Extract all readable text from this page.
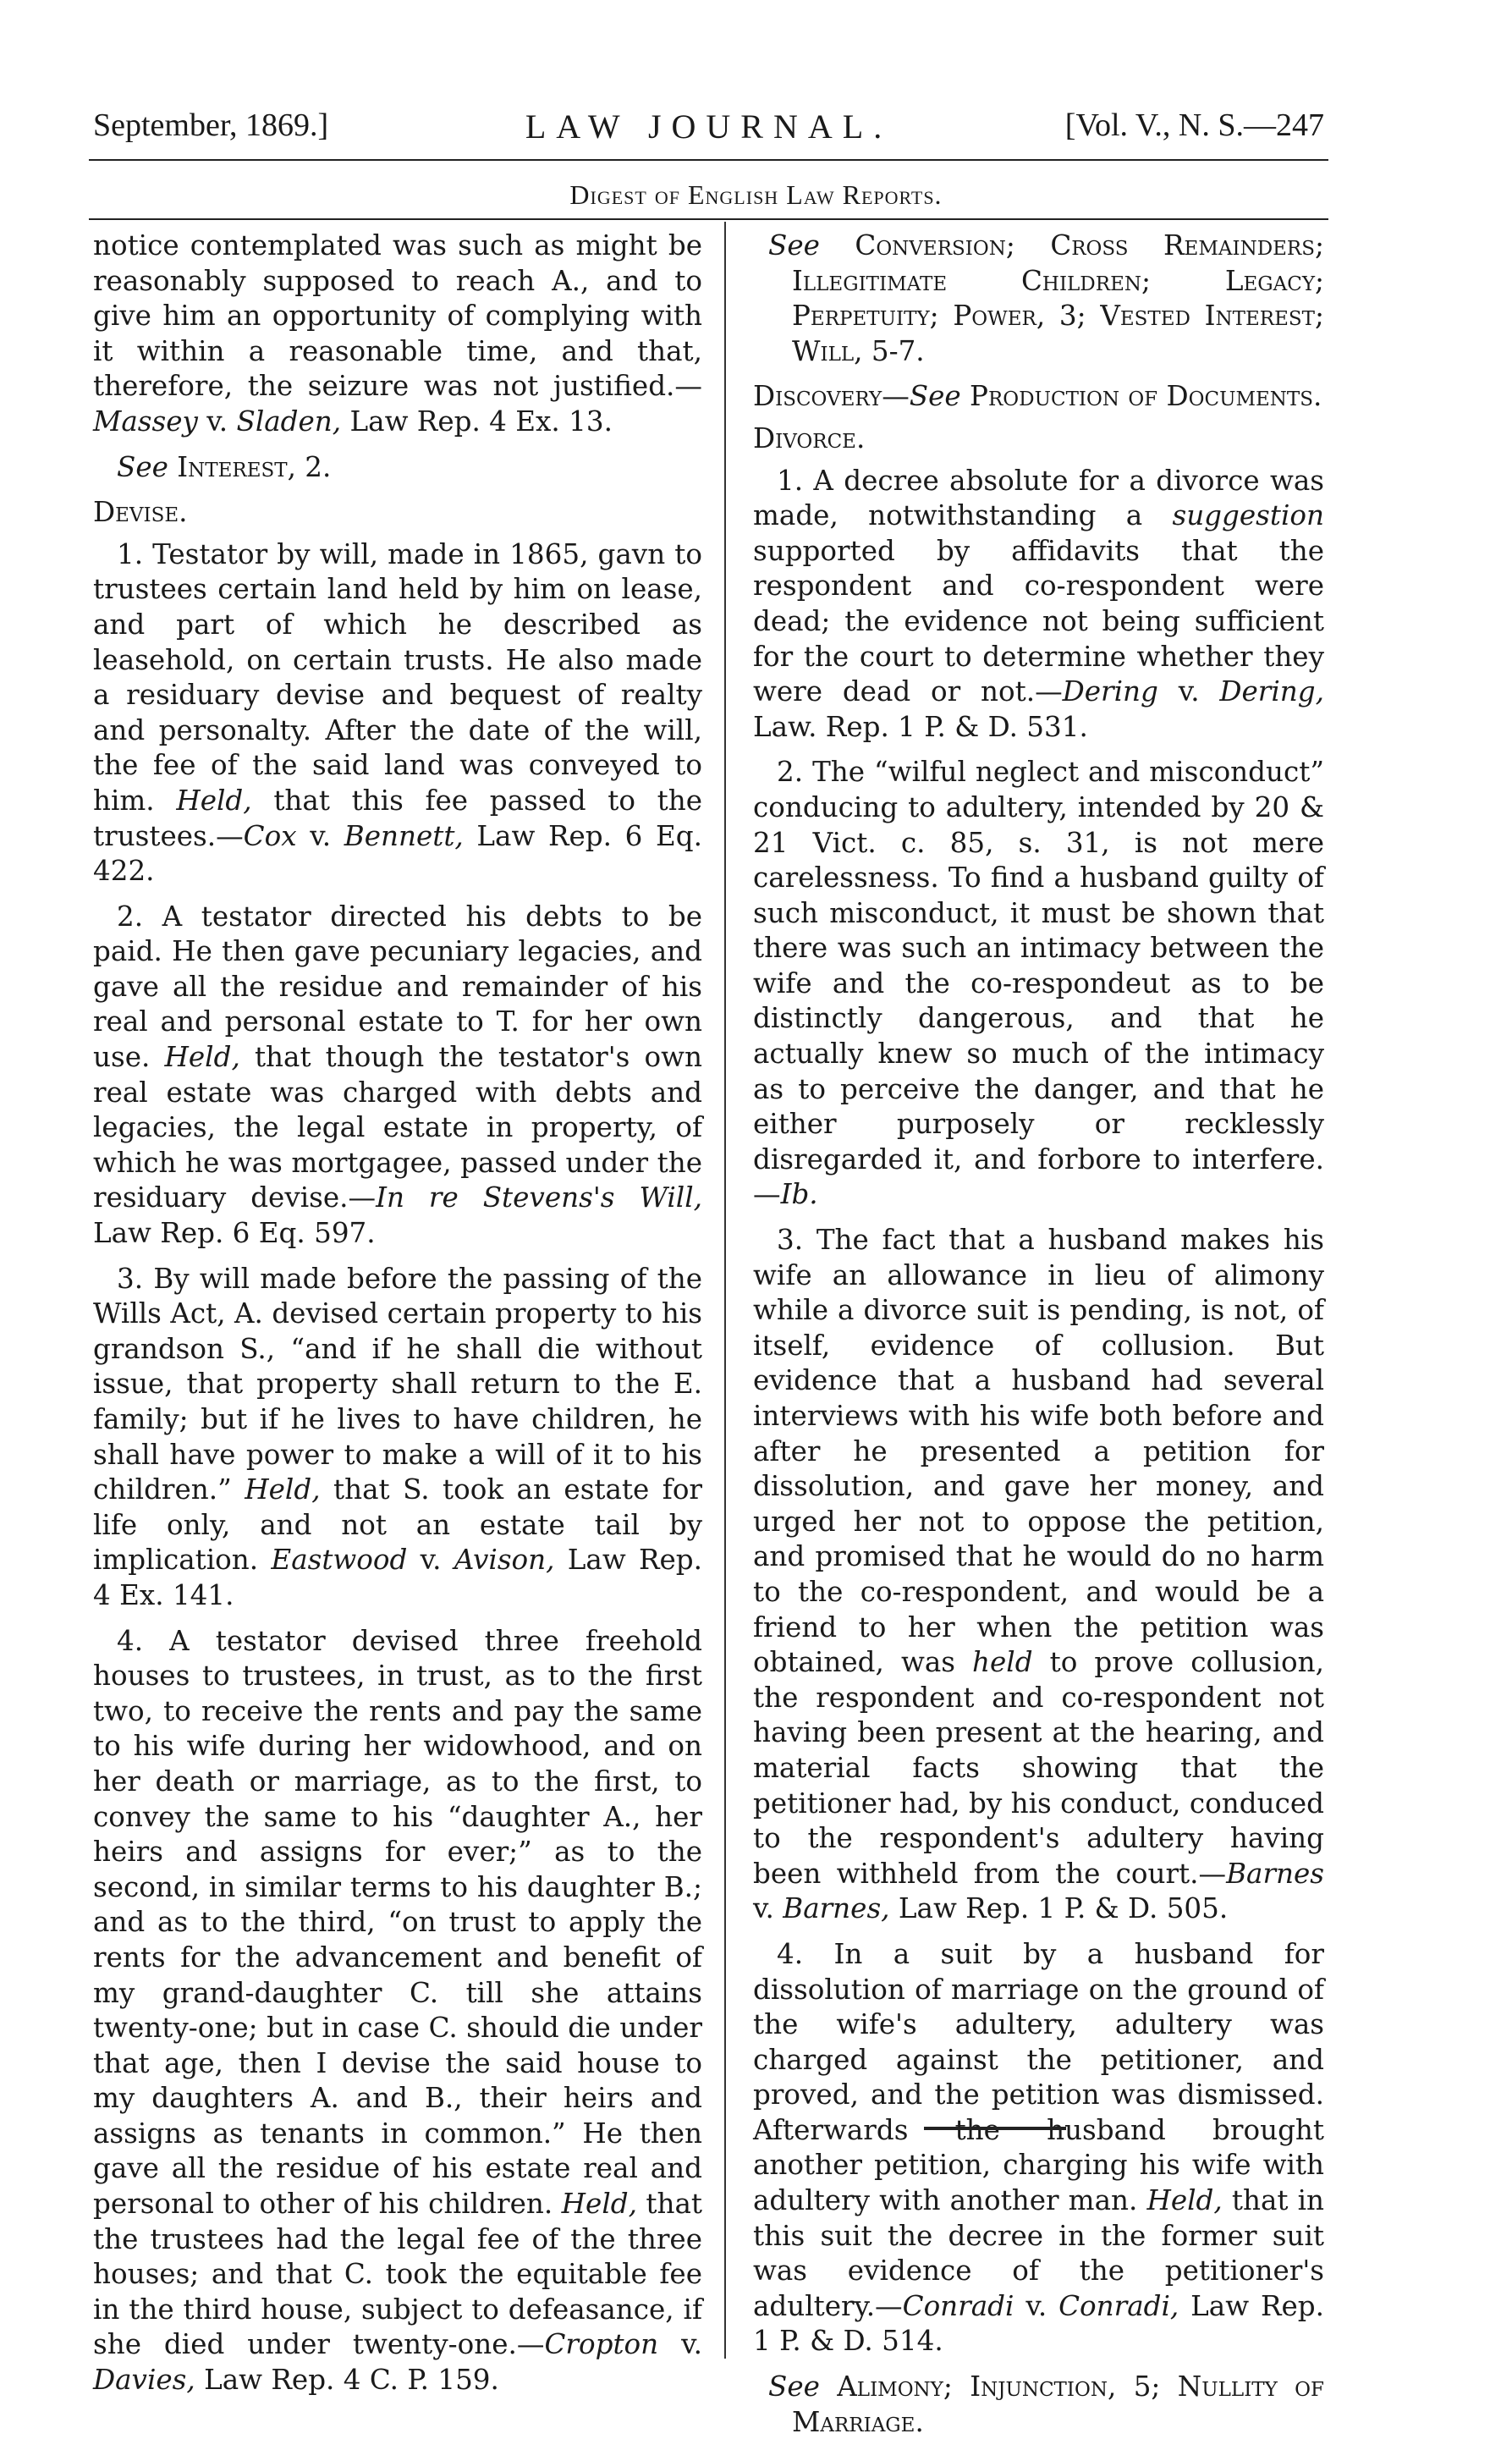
September, 1869.]	LAW JOURNAL.	[Vol. V., N. S.—247
Digest of English Law Reports.

notice contemplated was such as might be reasonably supposed to reach A., and to give him an opportunity of complying with it within a reasonable time, and that, therefore, the seizure was not justified.—Massey v. Sladen, Law Rep. 4 Ex. 13.

See Interest, 2.

Devise.

1. Testator by will, made in 1865, gavn to trustees certain land held by him on lease, and part of which he described as leasehold, on certain trusts. He also made a residuary devise and bequest of realty and personalty. After the date of the will, the fee of the said land was conveyed to him. Held, that this fee passed to the trustees.—Cox v. Bennett, Law Rep. 6 Eq. 422.

2. A testator directed his debts to be paid. He then gave pecuniary legacies, and gave all the residue and remainder of his real and personal estate to T. for her own use. Held, that though the testator's own real estate was charged with debts and legacies, the legal estate in property, of which he was mortgagee, passed under the residuary devise.—In re Stevens's Will, Law Rep. 6 Eq. 597.

3. By will made before the passing of the Wills Act, A. devised certain property to his grandson S., “and if he shall die without issue, that property shall return to the E. family; but if he lives to have children, he shall have power to make a will of it to his children.” Held, that S. took an estate for life only, and not an estate tail by implication. Eastwood v. Avison, Law Rep. 4 Ex. 141.

4. A testator devised three freehold houses to trustees, in trust, as to the first two, to receive the rents and pay the same to his wife during her widowhood, and on her death or marriage, as to the first, to convey the same to his “daughter A., her heirs and assigns for ever;” as to the second, in similar terms to his daughter B.; and as to the third, “on trust to apply the rents for the advancement and benefit of my grand-daughter C. till she attains twenty-one; but in case C. should die under that age, then I devise the said house to my daughters A. and B., their heirs and assigns as tenants in common.” He then gave all the residue of his estate real and personal to other of his children. Held, that the trustees had the legal fee of the three houses; and that C. took the equitable fee in the third house, subject to defeasance, if she died under twenty-one.—Cropton v. Davies, Law Rep. 4 C. P. 159.

See Conversion; Cross Remainders; Illegitimate Children; Legacy; Perpetuity; Power, 3; Vested Interest; Will, 5-7.

Discovery—See Production of Documents.

Divorce.

1. A decree absolute for a divorce was made, notwithstanding a suggestion supported by affidavits that the respondent and co-respondent were dead; the evidence not being sufficient for the court to determine whether they were dead or not.—Dering v. Dering, Law. Rep. 1 P. & D. 531.

2. The “wilful neglect and misconduct” conducing to adultery, intended by 20 & 21 Vict. c. 85, s. 31, is not mere carelessness. To find a husband guilty of such misconduct, it must be shown that there was such an intimacy between the wife and the co-respondeut as to be distinctly dangerous, and that he actually knew so much of the intimacy as to perceive the danger, and that he either purposely or recklessly disregarded it, and forbore to interfere.—Ib.

3. The fact that a husband makes his wife an allowance in lieu of alimony while a divorce suit is pending, is not, of itself, evidence of collusion. But evidence that a husband had several interviews with his wife both before and after he presented a petition for dissolution, and gave her money, and urged her not to oppose the petition, and promised that he would do no harm to the co-respondent, and would be a friend to her when the petition was obtained, was held to prove collusion, the respondent and co-respondent not having been present at the hearing, and material facts showing that the petitioner had, by his conduct, conduced to the respondent's adultery having been withheld from the court.—Barnes v. Barnes, Law Rep. 1 P. & D. 505.

4. In a suit by a husband for dissolution of marriage on the ground of the wife's adultery, adultery was charged against the petitioner, and proved, and the petition was dismissed. Afterwards the husband brought another petition, charging his wife with adultery with another man. Held, that in this suit the decree in the former suit was evidence of the petitioner's adultery.—Conradi v. Conradi, Law Rep. 1 P. & D. 514.

See Alimony; Injunction, 5; Nullity of Marriage.
